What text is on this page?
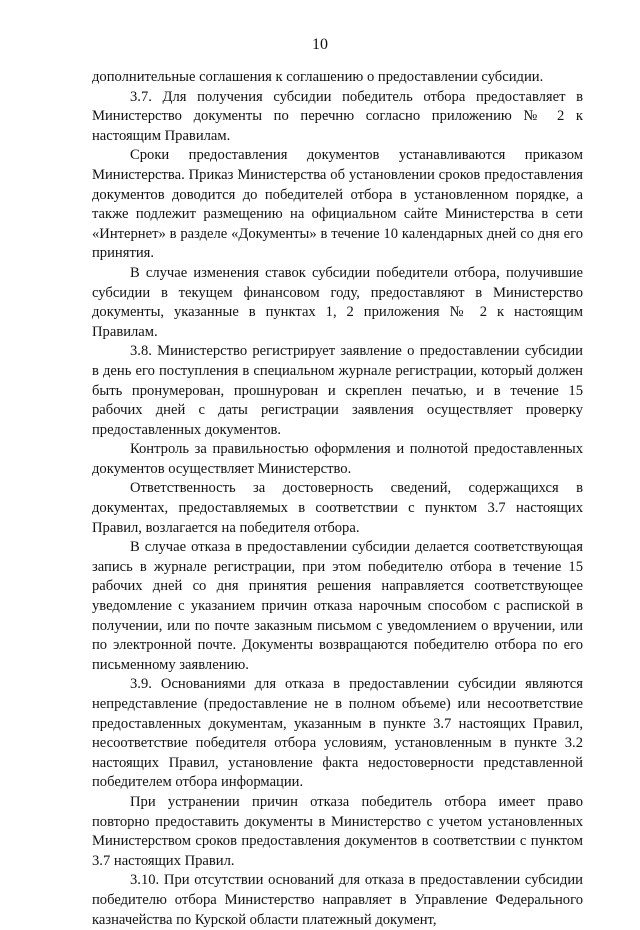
10

дополнительные соглашения к соглашению о предоставлении субсидии.

3.7. Для получения субсидии победитель отбора предоставляет в Министерство документы по перечню согласно приложению № 2 к настоящим Правилам.

Сроки предоставления документов устанавливаются приказом Министерства. Приказ Министерства об установлении сроков предоставления документов доводится до победителей отбора в установленном порядке, а также подлежит размещению на официальном сайте Министерства в сети «Интернет» в разделе «Документы» в течение 10 календарных дней со дня его принятия.

В случае изменения ставок субсидии победители отбора, получившие субсидии в текущем финансовом году, предоставляют в Министерство документы, указанные в пунктах 1, 2 приложения № 2 к настоящим Правилам.

3.8. Министерство регистрирует заявление о предоставлении субсидии в день его поступления в специальном журнале регистрации, который должен быть пронумерован, прошнурован и скреплен печатью, и в течение 15 рабочих дней с даты регистрации заявления осуществляет проверку предоставленных документов.

Контроль за правильностью оформления и полнотой предоставленных документов осуществляет Министерство.

Ответственность за достоверность сведений, содержащихся в документах, предоставляемых в соответствии с пунктом 3.7 настоящих Правил, возлагается на победителя отбора.

В случае отказа в предоставлении субсидии делается соответствующая запись в журнале регистрации, при этом победителю отбора в течение 15 рабочих дней со дня принятия решения направляется соответствующее уведомление с указанием причин отказа нарочным способом с распиской в получении, или по почте заказным письмом с уведомлением о вручении, или по электронной почте. Документы возвращаются победителю отбора по его письменному заявлению.

3.9. Основаниями для отказа в предоставлении субсидии являются непредставление (предоставление не в полном объеме) или несоответствие предоставленных документам, указанным в пункте 3.7 настоящих Правил, несоответствие победителя отбора условиям, установленным в пункте 3.2 настоящих Правил, установление факта недостоверности представленной победителем отбора информации.

При устранении причин отказа победитель отбора имеет право повторно предоставить документы в Министерство с учетом установленных Министерством сроков предоставления документов в соответствии с пунктом 3.7 настоящих Правил.

3.10. При отсутствии оснований для отказа в предоставлении субсидии победителю отбора Министерство направляет в Управление Федерального казначейства по Курской области платежный документ,
